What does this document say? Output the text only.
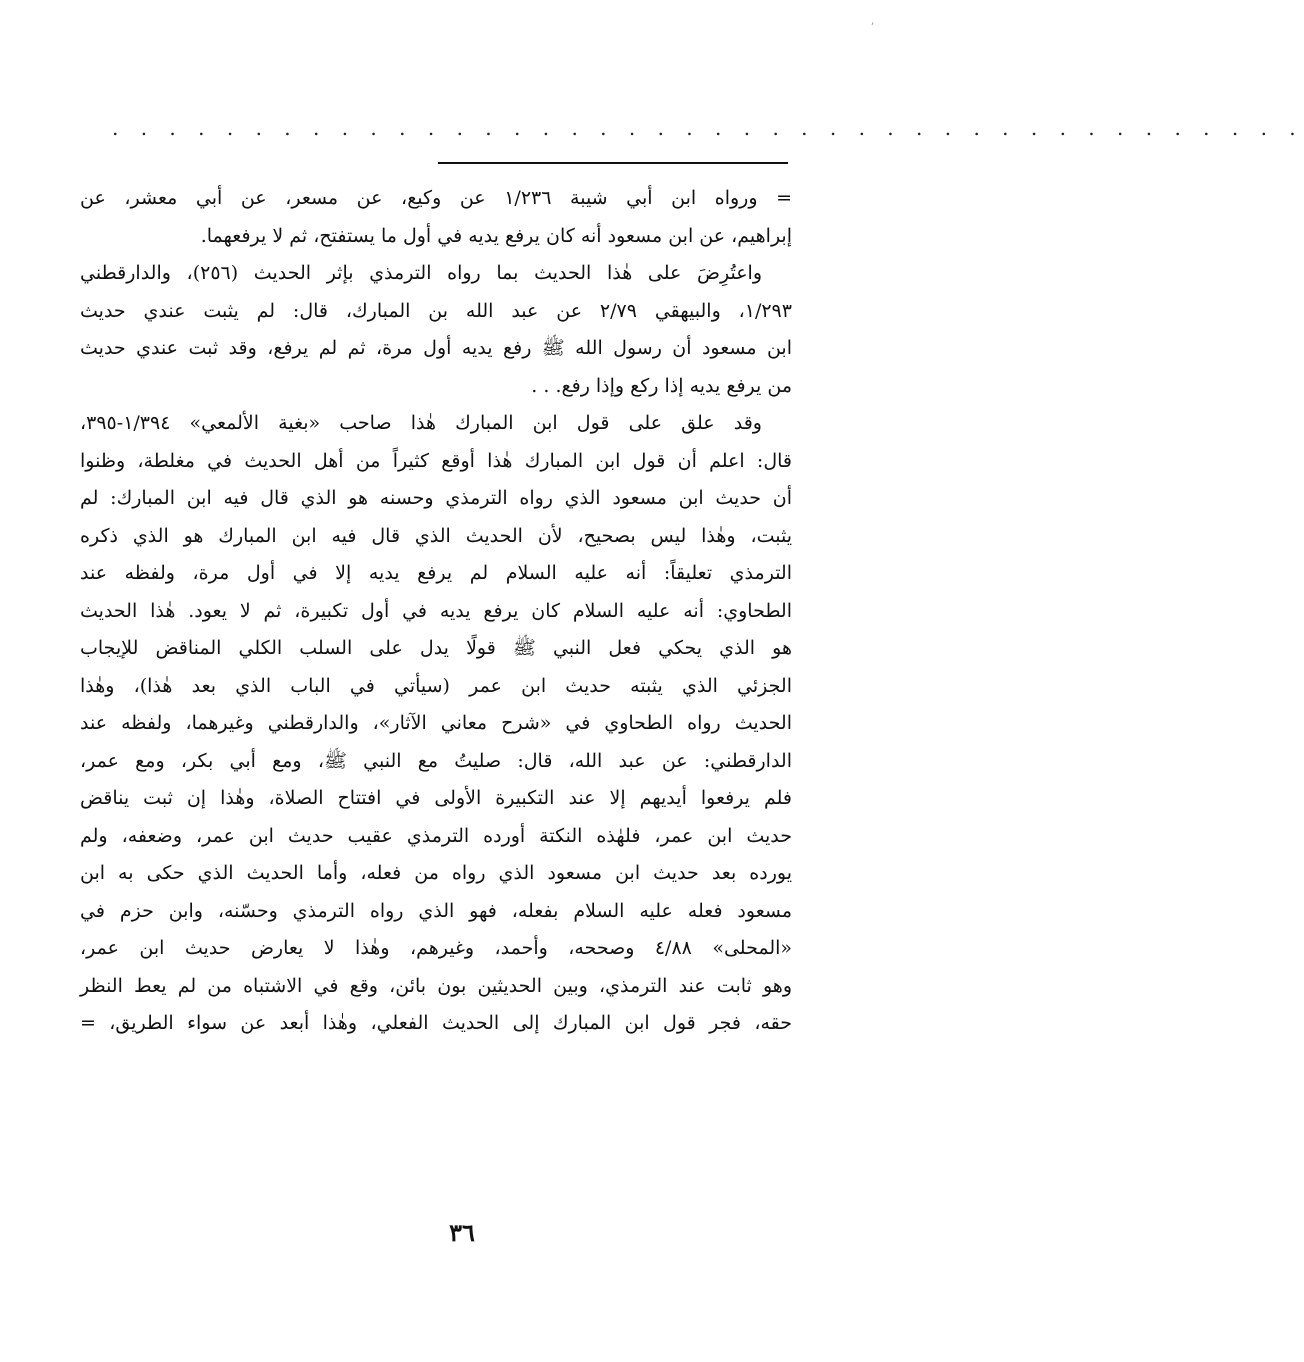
’
. . . . . . . . . . . . . . . . . . . . . . . . . . . . . . . . . . . . . . . . . .
= ورواه ابن أبي شيبة ١/٢٣٦ عن وكيع، عن مسعر، عن أبي معشر، عن
إبراهيم، عن ابن مسعود أنه كان يرفع يديه في أول ما يستفتح، ثم لا يرفعهما.
واعتُرِضَ على هٰذا الحديث بما رواه الترمذي بإثر الحديث (٢٥٦)، والدارقطني
١/٢٩٣، والبيهقي ٢/٧٩ عن عبد الله بن المبارك، قال: لم يثبت عندي حديث
ابن مسعود أن رسول الله ﷺ رفع يديه أول مرة، ثم لم يرفع، وقد ثبت عندي حديث
من يرفع يديه إذا ركع وإذا رفع. . .
وقد علق على قول ابن المبارك هٰذا صاحب «بغية الألمعي» ١/٣٩٤-٣٩٥،
قال: اعلم أن قول ابن المبارك هٰذا أوقع كثيراً من أهل الحديث في مغلطة، وظنوا
أن حديث ابن مسعود الذي رواه الترمذي وحسنه هو الذي قال فيه ابن المبارك: لم
يثبت، وهٰذا ليس بصحيح، لأن الحديث الذي قال فيه ابن المبارك هو الذي ذكره
الترمذي تعليقاً: أنه عليه السلام لم يرفع يديه إلا في أول مرة، ولفظه عند
الطحاوي: أنه عليه السلام كان يرفع يديه في أول تكبيرة، ثم لا يعود. هٰذا الحديث
هو الذي يحكي فعل النبي ﷺ قولًا يدل على السلب الكلي المناقض للإيجاب
الجزئي الذي يثبته حديث ابن عمر (سيأتي في الباب الذي بعد هٰذا)، وهٰذا
الحديث رواه الطحاوي في «شرح معاني الآثار»، والدارقطني وغيرهما، ولفظه عند
الدارقطني: عن عبد الله، قال: صليتُ مع النبي ﷺ، ومع أبي بكر، ومع عمر،
فلم يرفعوا أيديهم إلا عند التكبيرة الأولى في افتتاح الصلاة، وهٰذا إن ثبت يناقض
حديث ابن عمر، فلهٰذه النكتة أورده الترمذي عقيب حديث ابن عمر، وضعفه، ولم
يورده بعد حديث ابن مسعود الذي رواه من فعله، وأما الحديث الذي حكى به ابن
مسعود فعله عليه السلام بفعله، فهو الذي رواه الترمذي وحسّنه، وابن حزم في
«المحلى» ٤/٨٨ وصححه، وأحمد، وغيرهم، وهٰذا لا يعارض حديث ابن عمر،
وهو ثابت عند الترمذي، وبين الحديثين بون بائن، وقع في الاشتباه من لم يعط النظر
حقه، فجر قول ابن المبارك إلى الحديث الفعلي، وهٰذا أبعد عن سواء الطريق، =
٣٦
